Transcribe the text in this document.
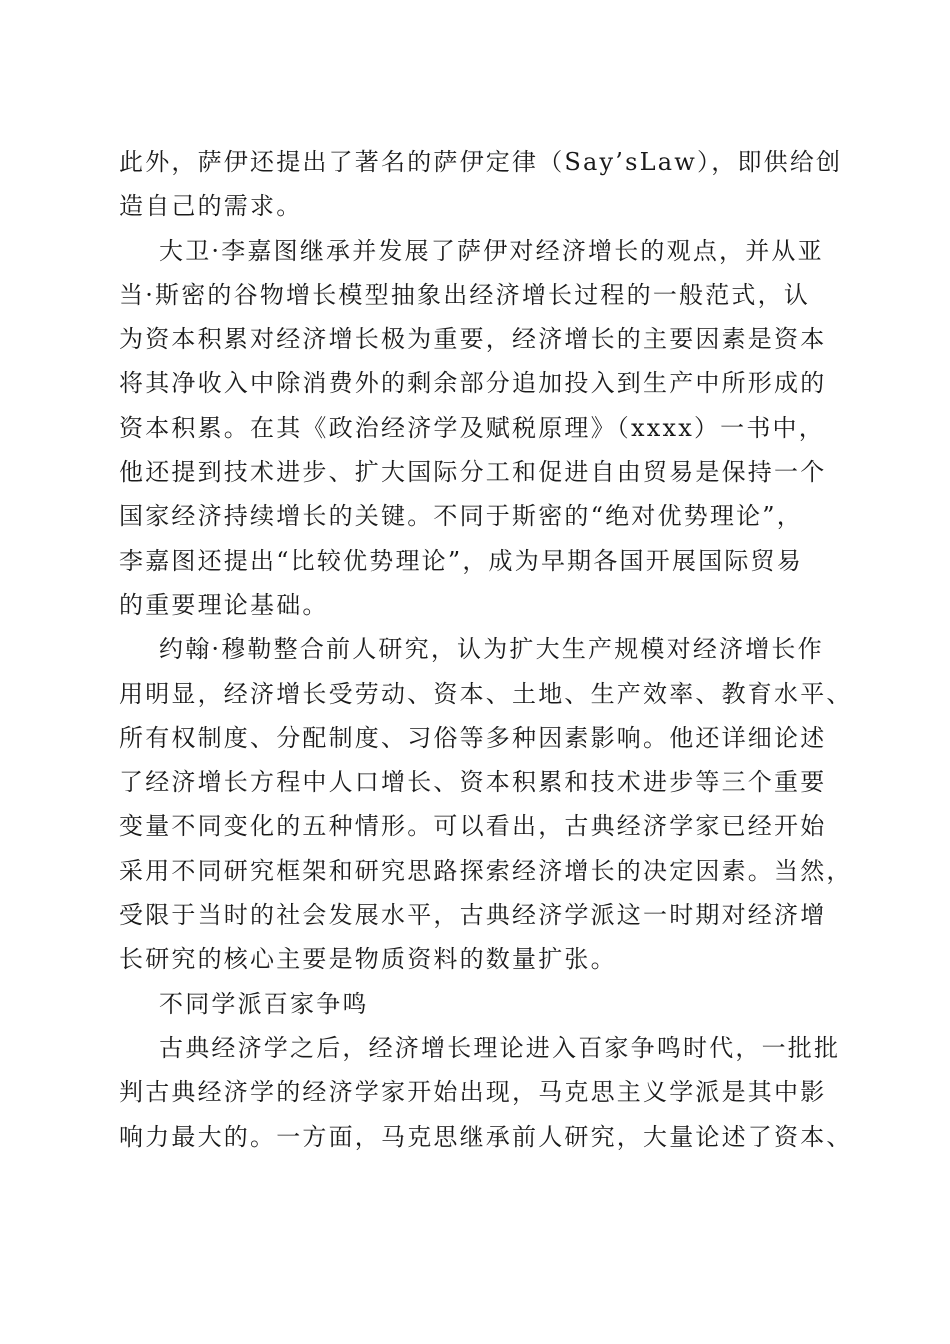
此外，萨伊还提出了著名的萨伊定律（Say’sLaw），即供给创
造自己的需求。
大卫·李嘉图继承并发展了萨伊对经济增长的观点，并从亚
当·斯密的谷物增长模型抽象出经济增长过程的一般范式，认
为资本积累对经济增长极为重要，经济增长的主要因素是资本
将其净收入中除消费外的剩余部分追加投入到生产中所形成的
资本积累。在其《政治经济学及赋税原理》（xxxx）一书中，
他还提到技术进步、扩大国际分工和促进自由贸易是保持一个
国家经济持续增长的关键。不同于斯密的“绝对优势理论”，
李嘉图还提出“比较优势理论”，成为早期各国开展国际贸易
的重要理论基础。
约翰·穆勒整合前人研究，认为扩大生产规模对经济增长作
用明显，经济增长受劳动、资本、土地、生产效率、教育水平、
所有权制度、分配制度、习俗等多种因素影响。他还详细论述
了经济增长方程中人口增长、资本积累和技术进步等三个重要
变量不同变化的五种情形。可以看出，古典经济学家已经开始
采用不同研究框架和研究思路探索经济增长的决定因素。当然，
受限于当时的社会发展水平，古典经济学派这一时期对经济增
长研究的核心主要是物质资料的数量扩张。
不同学派百家争鸣
古典经济学之后，经济增长理论进入百家争鸣时代，一批批
判古典经济学的经济学家开始出现，马克思主义学派是其中影
响力最大的。一方面，马克思继承前人研究，大量论述了资本、
